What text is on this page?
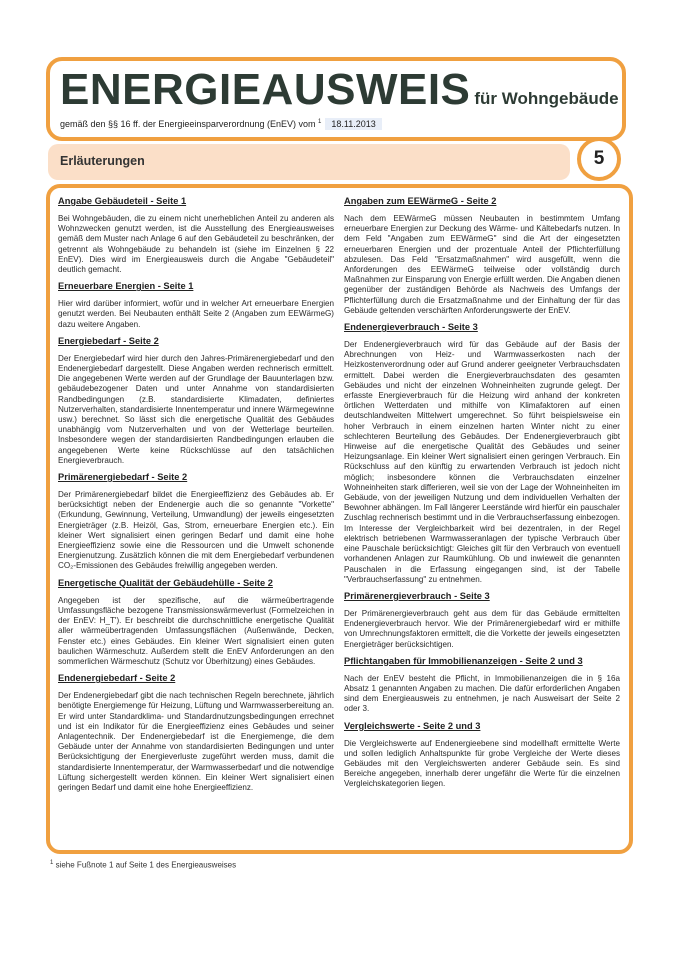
ENERGIEAUSWEIS für Wohngebäude
gemäß den §§ 16 ff. der Energieeinsparverordnung (EnEV) vom $^1$ 18.11.2013
Erläuterungen	5
Angabe Gebäudeteil - Seite 1

Bei Wohngebäuden, die zu einem nicht unerheblichen Anteil zu anderen als Wohnzwecken genutzt werden, ist die Ausstellung des Energieausweises gemäß dem Muster nach Anlage 6 auf den Gebäudeteil zu beschränken, der getrennt als Wohngebäude zu behandeln ist (siehe im Einzelnen § 22 EnEV). Dies wird im Energieausweis durch die Angabe "Gebäudeteil" deutlich gemacht.

Erneuerbare Energien - Seite 1

Hier wird darüber informiert, wofür und in welcher Art erneuerbare Energien genutzt werden. Bei Neubauten enthält Seite 2 (Angaben zum EEWärmeG) dazu weitere Angaben.

Energiebedarf - Seite 2

Der Energiebedarf wird hier durch den Jahres-Primärenergiebedarf und den Endenergiebedarf dargestellt. Diese Angaben werden rechnerisch ermittelt. Die angegebenen Werte werden auf der Grundlage der Bauunterlagen bzw. gebäudebezogener Daten und unter Annahme von standardisierten Randbedingungen (z.B. standardisierte Klimadaten, definiertes Nutzerverhalten, standardisierte Innentemperatur und innere Wärmegewinne usw.) berechnet. So lässt sich die energetische Qualität des Gebäudes unabhängig vom Nutzerverhalten und von der Wetterlage beurteilen. Insbesondere wegen der standardisierten Randbedingungen erlauben die angegebenen Werte keine Rückschlüsse auf den tatsächlichen Energieverbrauch.

Primärenergiebedarf - Seite 2

Der Primärenergiebedarf bildet die Energieeffizienz des Gebäudes ab. Er berücksichtigt neben der Endenergie auch die so genannte "Vorkette" (Erkundung, Gewinnung, Verteilung, Umwandlung) der jeweils eingesetzten Energieträger (z.B. Heizöl, Gas, Strom, erneuerbare Energien etc.). Ein kleiner Wert signalisiert einen geringen Bedarf und damit eine hohe Energieeffizienz sowie eine die Ressourcen und die Umwelt schonende Energienutzung. Zusätzlich können die mit dem Energiebedarf verbundenen CO₂-Emissionen des Gebäudes freiwillig angegeben werden.

Energetische Qualität der Gebäudehülle - Seite 2

Angegeben ist der spezifische, auf die wärmeübertragende Umfassungsfläche bezogene Transmissionswärmeverlust (Formelzeichen in der EnEV: H_T'). Er beschreibt die durchschnittliche energetische Qualität aller wärmeübertragenden Umfassungsflächen (Außenwände, Decken, Fenster etc.) eines Gebäudes. Ein kleiner Wert signalisiert einen guten baulichen Wärmeschutz. Außerdem stellt die EnEV Anforderungen an den sommerlichen Wärmeschutz (Schutz vor Überhitzung) eines Gebäudes.

Endenergiebedarf - Seite 2

Der Endenergiebedarf gibt die nach technischen Regeln berechnete, jährlich benötigte Energiemenge für Heizung, Lüftung und Warmwasserbereitung an. Er wird unter Standardklima- und Standardnutzungsbedingungen errechnet und ist ein Indikator für die Energieeffizienz eines Gebäudes und seiner Anlagentechnik. Der Endenergiebedarf ist die Energiemenge, die dem Gebäude unter der Annahme von standardisierten Bedingungen und unter Berücksichtigung der Energieverluste zugeführt werden muss, damit die standardisierte Innentemperatur, der Warmwasserbedarf und die notwendige Lüftung sichergestellt werden können. Ein kleiner Wert signalisiert einen geringen Bedarf und damit eine hohe Energieeffizienz.

Angaben zum EEWärmeG - Seite 2

Nach dem EEWärmeG müssen Neubauten in bestimmtem Umfang erneuerbare Energien zur Deckung des Wärme- und Kältebedarfs nutzen. In dem Feld "Angaben zum EEWärmeG" sind die Art der eingesetzten erneuerbaren Energien und der prozentuale Anteil der Pflichterfüllung abzulesen. Das Feld "Ersatzmaßnahmen" wird ausgefüllt, wenn die Anforderungen des EEWärmeG teilweise oder vollständig durch Maßnahmen zur Einsparung von Energie erfüllt werden. Die Angaben dienen gegenüber der zuständigen Behörde als Nachweis des Umfangs der Pflichterfüllung durch die Ersatzmaßnahme und der Einhaltung der für das Gebäude geltenden verschärften Anforderungswerte der EnEV.

Endenergieverbrauch - Seite 3

Der Endenergieverbrauch wird für das Gebäude auf der Basis der Abrechnungen von Heiz- und Warmwasserkosten nach der Heizkostenverordnung oder auf Grund anderer geeigneter Verbrauchsdaten ermittelt. Dabei werden die Energieverbrauchsdaten des gesamten Gebäudes und nicht der einzelnen Wohneinheiten zugrunde gelegt. Der erfasste Energieverbrauch für die Heizung wird anhand der konkreten örtlichen Wetterdaten und mithilfe von Klimafaktoren auf einen deutschlandweiten Mittelwert umgerechnet. So führt beispielsweise ein hoher Verbrauch in einem einzelnen harten Winter nicht zu einer schlechteren Beurteilung des Gebäudes. Der Endenergieverbrauch gibt Hinweise auf die energetische Qualität des Gebäudes und seiner Heizungsanlage. Ein kleiner Wert signalisiert einen geringen Verbrauch. Ein Rückschluss auf den künftig zu erwartenden Verbrauch ist jedoch nicht möglich; insbesondere können die Verbrauchsdaten einzelner Wohneinheiten stark differieren, weil sie von der Lage der Wohneinheiten im Gebäude, von der jeweiligen Nutzung und dem individuellen Verhalten der Bewohner abhängen. Im Fall längerer Leerstände wird hierfür ein pauschaler Zuschlag rechnerisch bestimmt und in die Verbrauchserfassung einbezogen. Im Interesse der Vergleichbarkeit wird bei dezentralen, in der Regel elektrisch betriebenen Warmwasseranlagen der typische Verbrauch über eine Pauschale berücksichtigt: Gleiches gilt für den Verbrauch von eventuell vorhandenen Anlagen zur Raumkühlung. Ob und inwieweit die genannten Pauschalen in die Erfassung eingegangen sind, ist der Tabelle "Verbrauchserfassung" zu entnehmen.

Primärenergieverbrauch - Seite 3

Der Primärenergieverbrauch geht aus dem für das Gebäude ermittelten Endenergieverbrauch hervor. Wie der Primärenergiebedarf wird er mithilfe von Umrechnungsfaktoren ermittelt, die die Vorkette der jeweils eingesetzten Energieträger berücksichtigen.

Pflichtangaben für Immobilienanzeigen - Seite 2 und 3

Nach der EnEV besteht die Pflicht, in Immobilienanzeigen die in § 16a Absatz 1 genannten Angaben zu machen. Die dafür erforderlichen Angaben sind dem Energieausweis zu entnehmen, je nach Ausweisart der Seite 2 oder 3.

Vergleichswerte - Seite 2 und 3

Die Vergleichswerte auf Endenergieebene sind modellhaft ermittelte Werte und sollen lediglich Anhaltspunkte für grobe Vergleiche der Werte dieses Gebäudes mit den Vergleichswerten anderer Gebäude sein. Es sind Bereiche angegeben, innerhalb derer ungefähr die Werte für die einzelnen Vergleichskategorien liegen.

$^1$ siehe Fußnote 1 auf Seite 1 des Energieausweises
